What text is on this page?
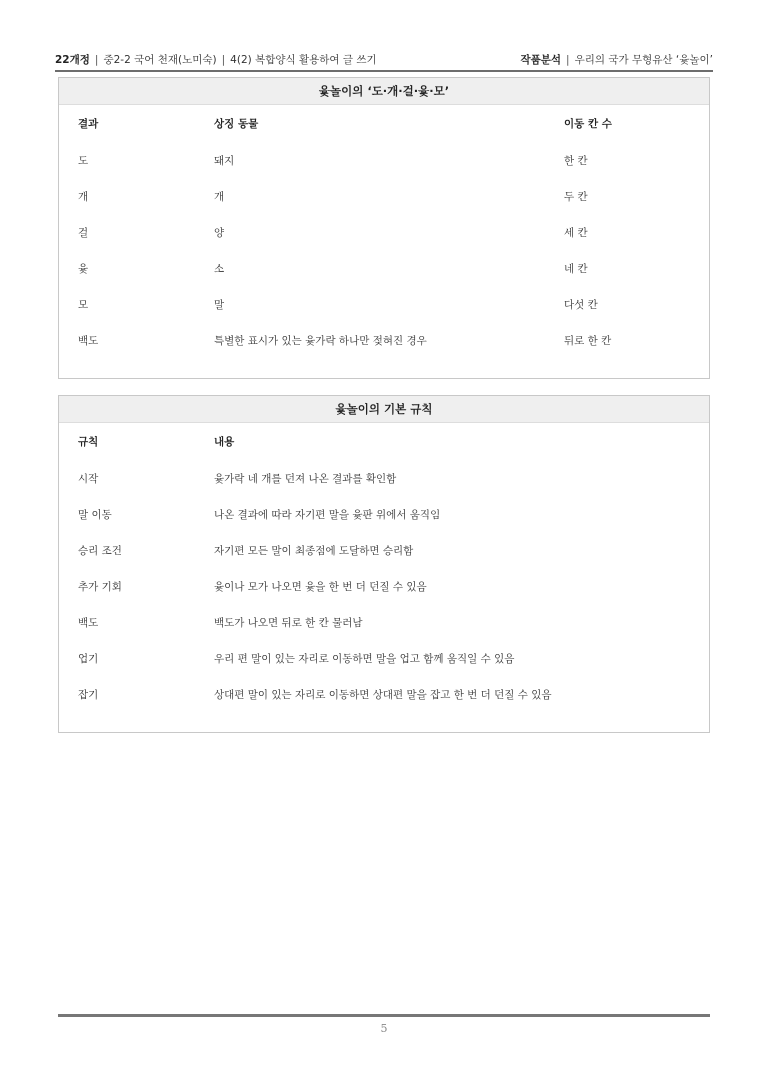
22개정 | 중2-2 국어 천재(노미숙) | 4(2) 복합양식 활용하여 글 쓰기	작품분석 | 우리의 국가 무형유산 ‘윷놀이’
윷놀이의 ‘도·개·걸·윷·모’
결과	상징 동물	이동 칸 수
도	돼지	한 칸
개	개	두 칸
걸	양	세 칸
윷	소	네 칸
모	말	다섯 칸
백도	특별한 표시가 있는 윷가락 하나만 젖혀진 경우	뒤로 한 칸
윷놀이의 기본 규칙
규칙	내용
시작	윷가락 네 개를 던져 나온 결과를 확인함
말 이동	나온 결과에 따라 자기편 말을 윷판 위에서 움직임
승리 조건	자기편 모든 말이 최종점에 도달하면 승리함
추가 기회	윷이나 모가 나오면 윷을 한 번 더 던질 수 있음
백도	백도가 나오면 뒤로 한 칸 물러남
업기	우리 편 말이 있는 자리로 이동하면 말을 업고 함께 움직일 수 있음
잡기	상대편 말이 있는 자리로 이동하면 상대편 말을 잡고 한 번 더 던질 수 있음
5
